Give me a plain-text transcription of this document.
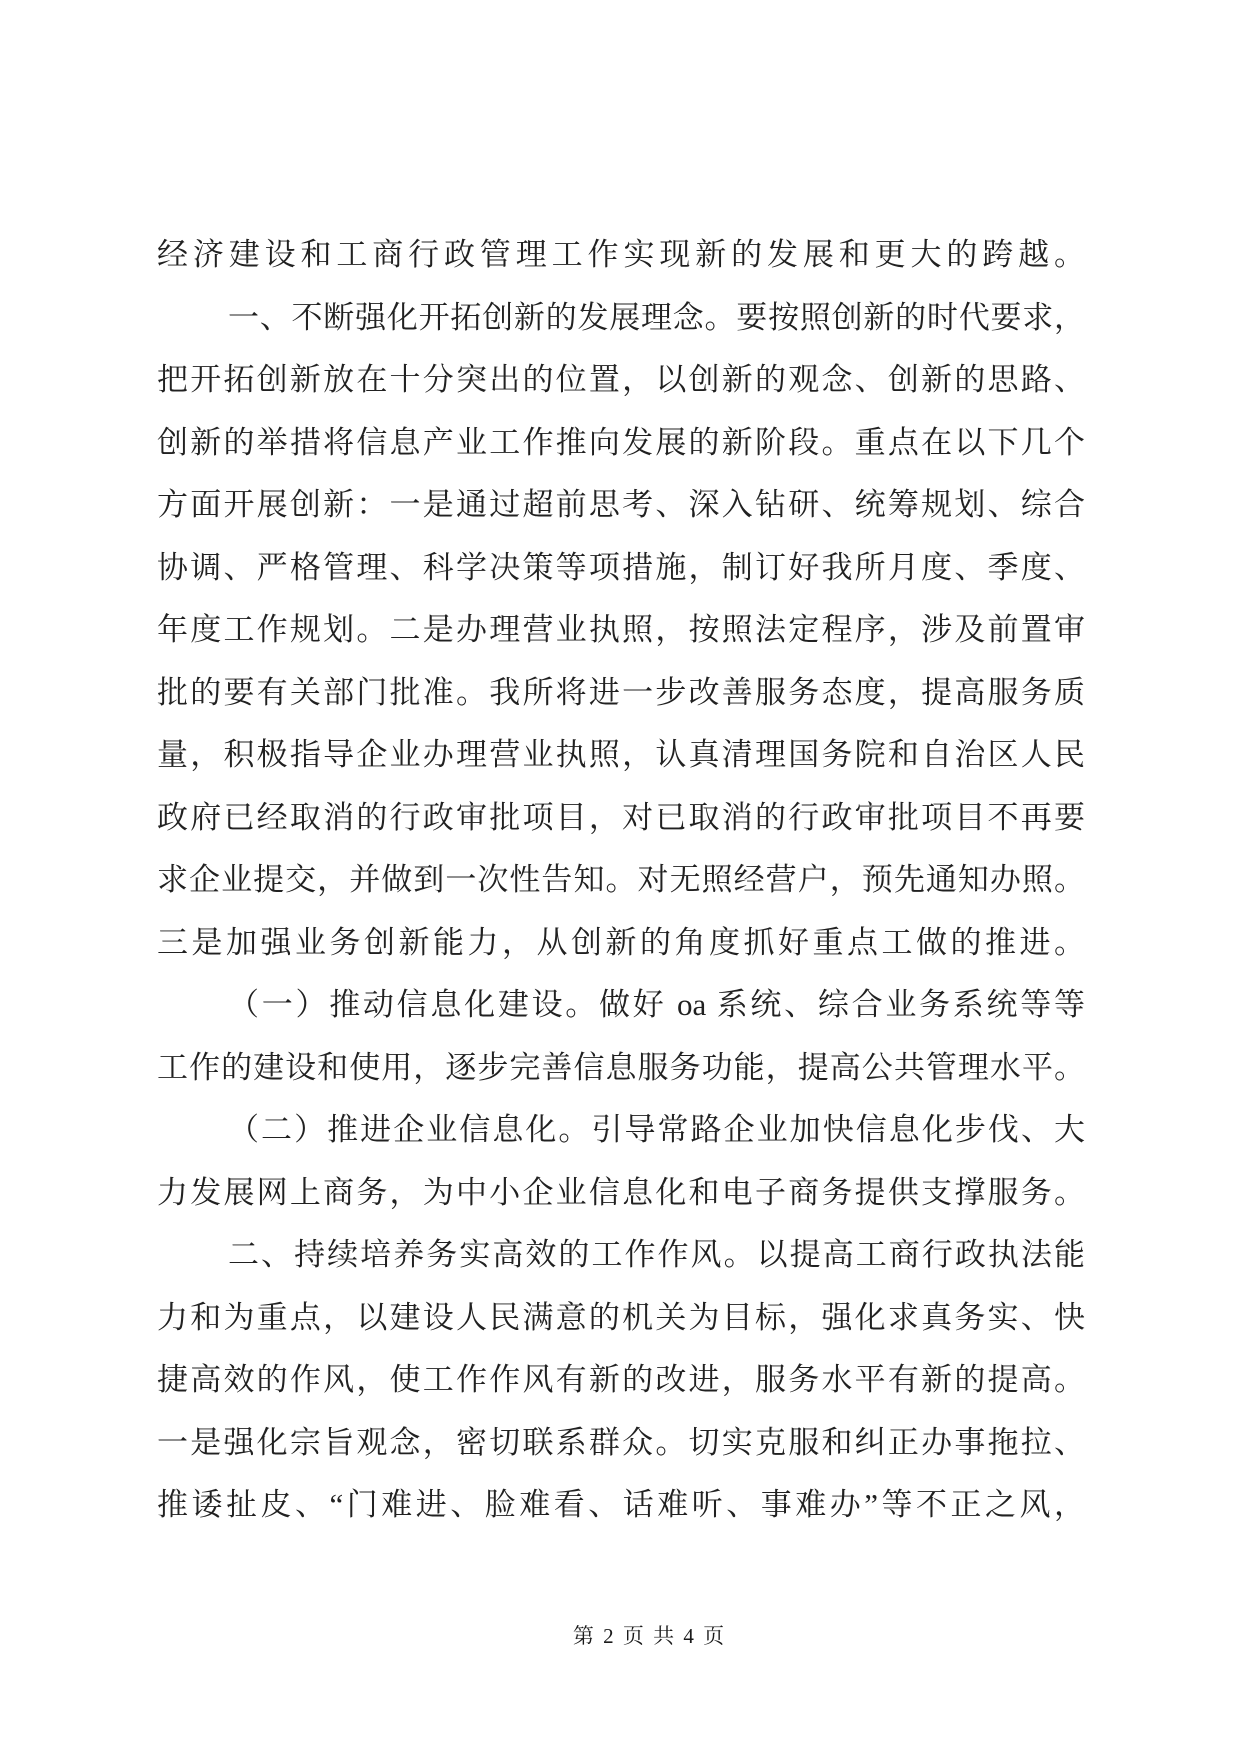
经济建设和工商行政管理工作实现新的发展和更大的跨越。
一、不断强化开拓创新的发展理念。要按照创新的时代要求，
把开拓创新放在十分突出的位置，以创新的观念、创新的思路、
创新的举措将信息产业工作推向发展的新阶段。重点在以下几个
方面开展创新：一是通过超前思考、深入钻研、统筹规划、综合
协调、严格管理、科学决策等项措施，制订好我所月度、季度、
年度工作规划。二是办理营业执照，按照法定程序，涉及前置审
批的要有关部门批准。我所将进一步改善服务态度，提高服务质
量，积极指导企业办理营业执照，认真清理国务院和自治区人民
政府已经取消的行政审批项目，对已取消的行政审批项目不再要
求企业提交，并做到一次性告知。对无照经营户，预先通知办照。
三是加强业务创新能力，从创新的角度抓好重点工做的推进。
（一）推动信息化建设。做好 oa 系统、综合业务系统等等
工作的建设和使用，逐步完善信息服务功能，提高公共管理水平。
（二）推进企业信息化。引导常路企业加快信息化步伐、大
力发展网上商务，为中小企业信息化和电子商务提供支撑服务。
二、持续培养务实高效的工作作风。以提高工商行政执法能
力和为重点，以建设人民满意的机关为目标，强化求真务实、快
捷高效的作风，使工作作风有新的改进，服务水平有新的提高。
一是强化宗旨观念，密切联系群众。切实克服和纠正办事拖拉、
推诿扯皮、“门难进、脸难看、话难听、事难办”等不正之风，
第 2 页 共 4 页
